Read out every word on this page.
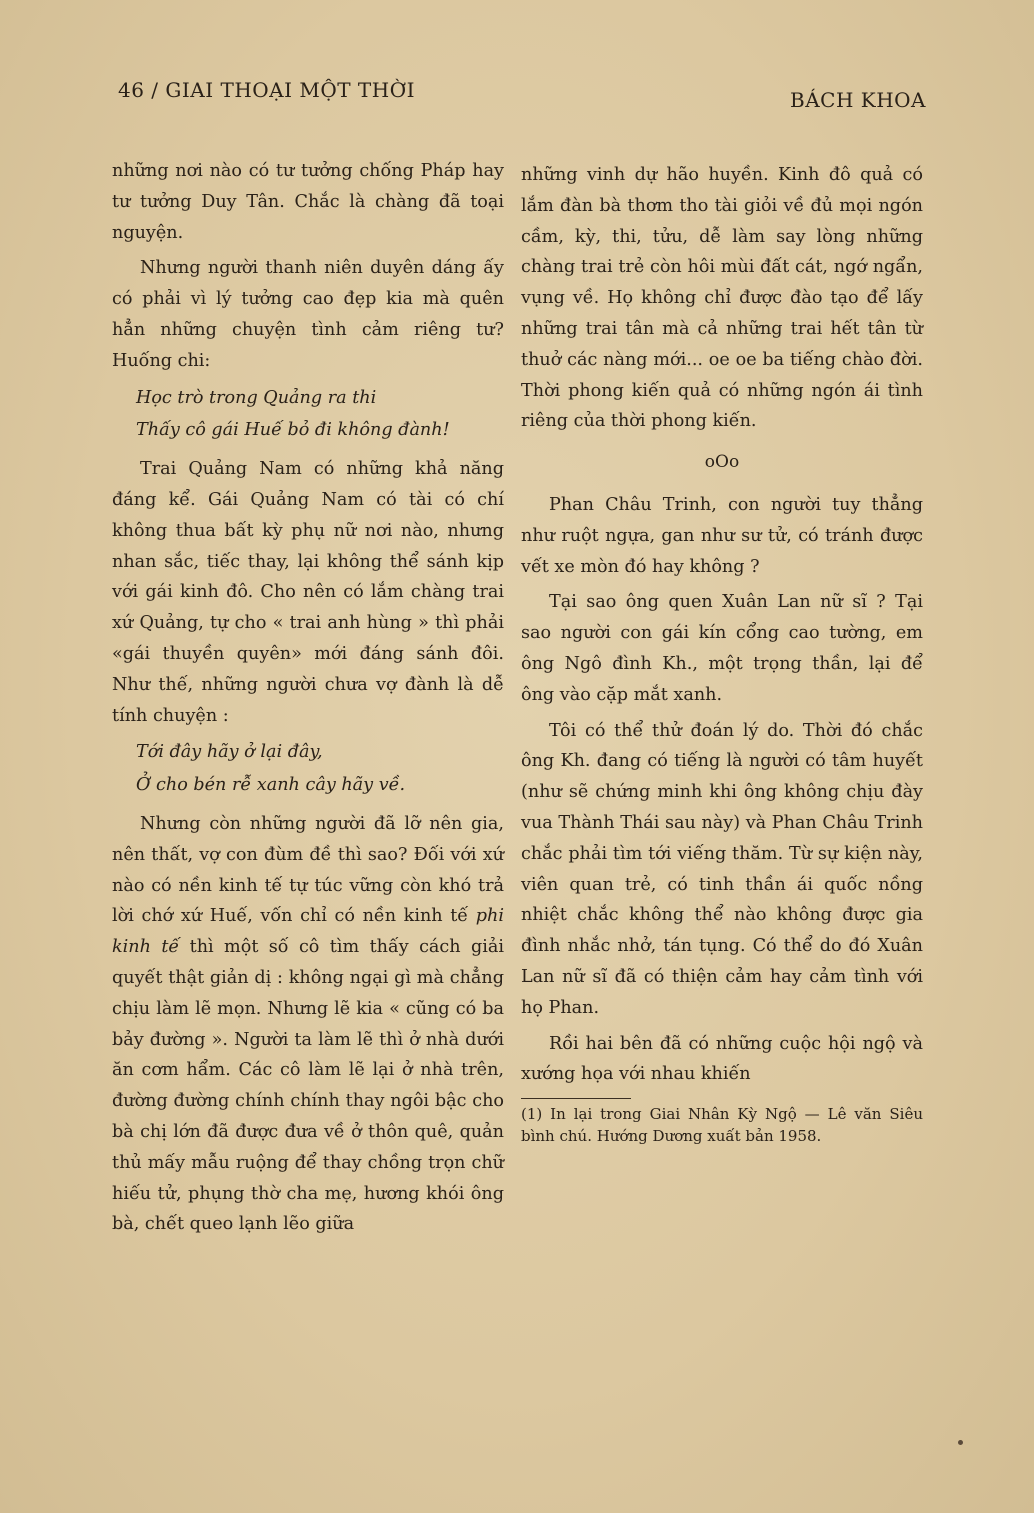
46 / GIAI THOẠI MỘT THỜI	BÁCH KHOA

những nơi nào có tư tưởng chống Pháp hay tư tưởng Duy Tân. Chắc là chàng đã toại nguyện.

Nhưng người thanh niên duyên dáng ấy có phải vì lý tưởng cao đẹp kia mà quên hẳn những chuyện tình cảm riêng tư? Huống chi:

Học trò trong Quảng ra thi

Thấy cô gái Huế bỏ đi không đành!

Trai Quảng Nam có những khả năng đáng kể. Gái Quảng Nam có tài có chí không thua bất kỳ phụ nữ nơi nào, nhưng nhan sắc, tiếc thay, lại không thể sánh kịp với gái kinh đô. Cho nên có lắm chàng trai xứ Quảng, tự cho « trai anh hùng » thì phải «gái thuyền quyên» mới đáng sánh đôi. Như thế, những người chưa vợ đành là dễ tính chuyện :

Tới đây hãy ở lại đây,

Ở cho bén rễ xanh cây hãy về.

Nhưng còn những người đã lỡ nên gia, nên thất, vợ con đùm đề thì sao? Đối với xứ nào có nền kinh tế tự túc vững còn khó trả lời chớ xứ Huế, vốn chỉ có nền kinh tế phi kinh tế thì một số cô tìm thấy cách giải quyết thật giản dị : không ngại gì mà chẳng chịu làm lẽ mọn. Nhưng lẽ kia « cũng có ba bảy đường ». Người ta làm lẽ thì ở nhà dưới ăn cơm hẩm. Các cô làm lẽ lại ở nhà trên, đường đường chính chính thay ngôi bậc cho bà chị lớn đã được đưa về ở thôn quê, quản thủ mấy mẫu ruộng để thay chồng trọn chữ hiếu tử, phụng thờ cha mẹ, hương khói ông bà, chết queo lạnh lẽo giữa

những vinh dự hão huyền. Kinh đô quả có lắm đàn bà thơm tho tài giỏi về đủ mọi ngón cầm, kỳ, thi, tửu, dễ làm say lòng những chàng trai trẻ còn hôi mùi đất cát, ngớ ngẩn, vụng về. Họ không chỉ được đào tạo để lấy những trai tân mà cả những trai hết tân từ thuở các nàng mới... oe oe ba tiếng chào đời. Thời phong kiến quả có những ngón ái tình riêng của thời phong kiến.

oOo

Phan Châu Trinh, con người tuy thẳng như ruột ngựa, gan như sư tử, có tránh được vết xe mòn đó hay không ?

Tại sao ông quen Xuân Lan nữ sĩ ? Tại sao người con gái kín cổng cao tường, em ông Ngô đình Kh., một trọng thần, lại để ông vào cặp mắt xanh.

Tôi có thể thử đoán lý do. Thời đó chắc ông Kh. đang có tiếng là người có tâm huyết (như sẽ chứng minh khi ông không chịu đày vua Thành Thái sau này) và Phan Châu Trinh chắc phải tìm tới viếng thăm. Từ sự kiện này, viên quan trẻ, có tinh thần ái quốc nồng nhiệt chắc không thể nào không được gia đình nhắc nhở, tán tụng. Có thể do đó Xuân Lan nữ sĩ đã có thiện cảm hay cảm tình với họ Phan.

Rồi hai bên đã có những cuộc hội ngộ và xướng họa với nhau khiến

(1) In lại trong Giai Nhân Kỳ Ngộ — Lê văn Siêu bình chú. Hướng Dương xuất bản 1958.
